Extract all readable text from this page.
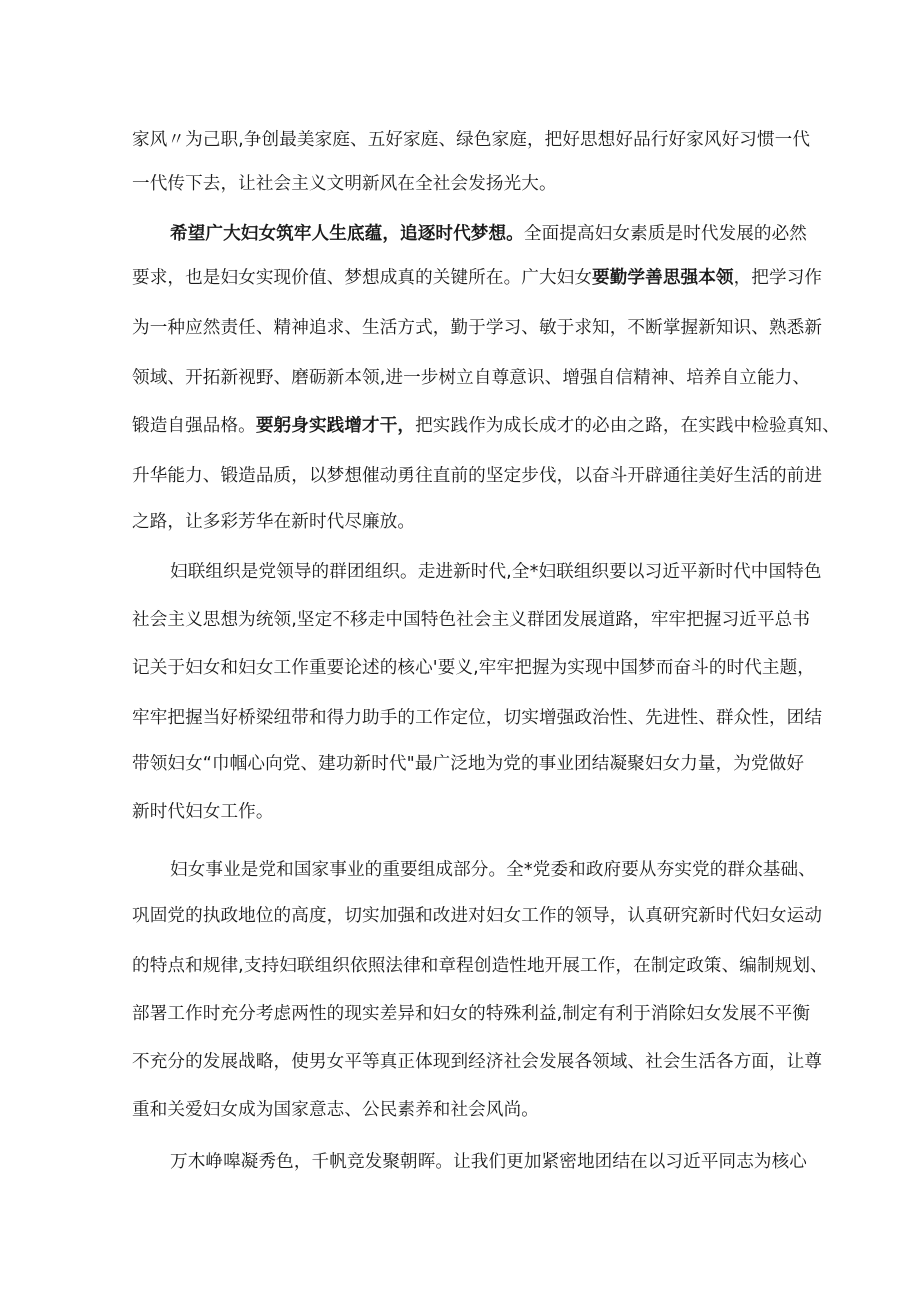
家风〃为己职,争创最美家庭、五好家庭、绿色家庭，把好思想好品行好家风好习惯一代
一代传下去，让社会主义文明新风在全社会发扬光大。
希望广大妇女筑牢人生底蕴，追逐时代梦想。全面提高妇女素质是时代发展的必然
要求，也是妇女实现价值、梦想成真的关键所在。广大妇女要勤学善思强本领，把学习作
为一种应然责任、精神追求、生活方式，勤于学习、敏于求知，不断掌握新知识、熟悉新
领域、开拓新视野、磨砺新本领,进一步树立自尊意识、增强自信精神、培养自立能力、
锻造自强品格。要躬身实践增才干，把实践作为成长成才的必由之路，在实践中检验真知、
升华能力、锻造品质，以梦想催动勇往直前的坚定步伐，以奋斗开辟通往美好生活的前进
之路，让多彩芳华在新时代尽廉放。
妇联组织是党领导的群团组织。走进新时代,全*妇联组织要以习近平新时代中国特色
社会主义思想为统领,坚定不移走中国特色社会主义群团发展道路，牢牢把握习近平总书
记关于妇女和妇女工作重要论述的核心'要义,牢牢把握为实现中国梦而奋斗的时代主题，
牢牢把握当好桥梁纽带和得力助手的工作定位，切实增强政治性、先进性、群众性，团结
带领妇女“巾帼心向党、建功新时代"最广泛地为党的事业团结凝聚妇女力量，为党做好
新时代妇女工作。
妇女事业是党和国家事业的重要组成部分。全*党委和政府要从夯实党的群众基础、
巩固党的执政地位的高度，切实加强和改进对妇女工作的领导，认真研究新时代妇女运动
的特点和规律,支持妇联组织依照法律和章程创造性地开展工作，在制定政策、编制规划、
部署工作时充分考虑两性的现实差异和妇女的特殊利益,制定有利于消除妇女发展不平衡
不充分的发展战略，使男女平等真正体现到经济社会发展各领域、社会生活各方面，让尊
重和关爱妇女成为国家意志、公民素养和社会风尚。
万木峥嗥凝秀色，千帆竞发聚朝晖。让我们更加紧密地团结在以习近平同志为核心
